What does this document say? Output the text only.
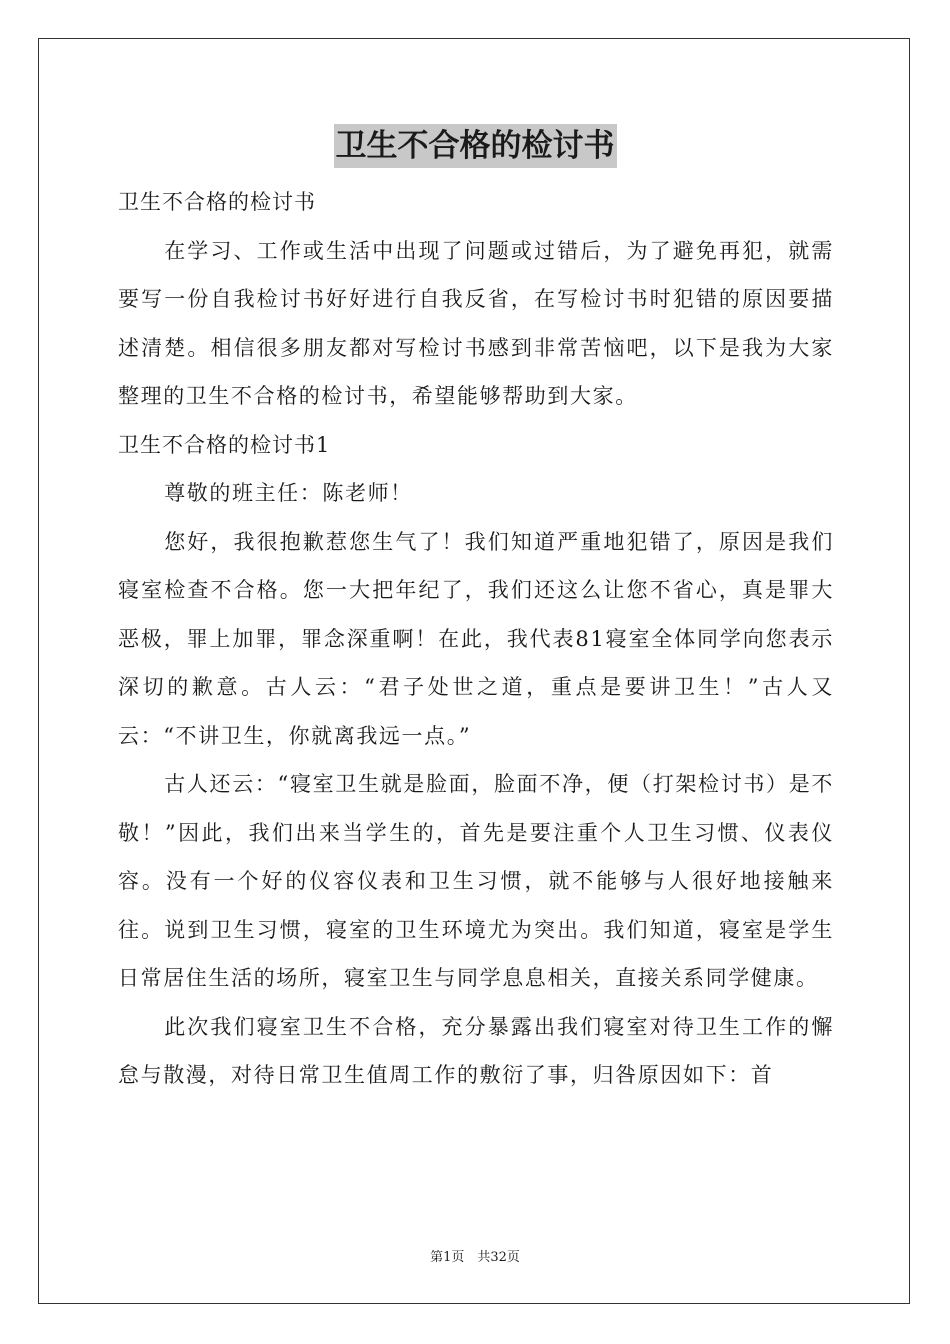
卫生不合格的检讨书

卫生不合格的检讨书

在学习、工作或生活中出现了问题或过错后，为了避免再犯，就需要写一份自我检讨书好好进行自我反省，在写检讨书时犯错的原因要描述清楚。相信很多朋友都对写检讨书感到非常苦恼吧，以下是我为大家整理的卫生不合格的检讨书，希望能够帮助到大家。

卫生不合格的检讨书1

尊敬的班主任：陈老师！

您好，我很抱歉惹您生气了！我们知道严重地犯错了，原因是我们寝室检查不合格。您一大把年纪了，我们还这么让您不省心，真是罪大恶极，罪上加罪，罪念深重啊！在此，我代表81寝室全体同学向您表示深切的歉意。古人云：“君子处世之道，重点是要讲卫生！”古人又云：“不讲卫生，你就离我远一点。”

古人还云：“寝室卫生就是脸面，脸面不净，便（打架检讨书）是不敬！”因此，我们出来当学生的，首先是要注重个人卫生习惯、仪表仪容。没有一个好的仪容仪表和卫生习惯，就不能够与人很好地接触来往。说到卫生习惯，寝室的卫生环境尤为突出。我们知道，寝室是学生日常居住生活的场所，寝室卫生与同学息息相关，直接关系同学健康。

此次我们寝室卫生不合格，充分暴露出我们寝室对待卫生工作的懈怠与散漫，对待日常卫生值周工作的敷衍了事，归咎原因如下：首

第1页　共32页
